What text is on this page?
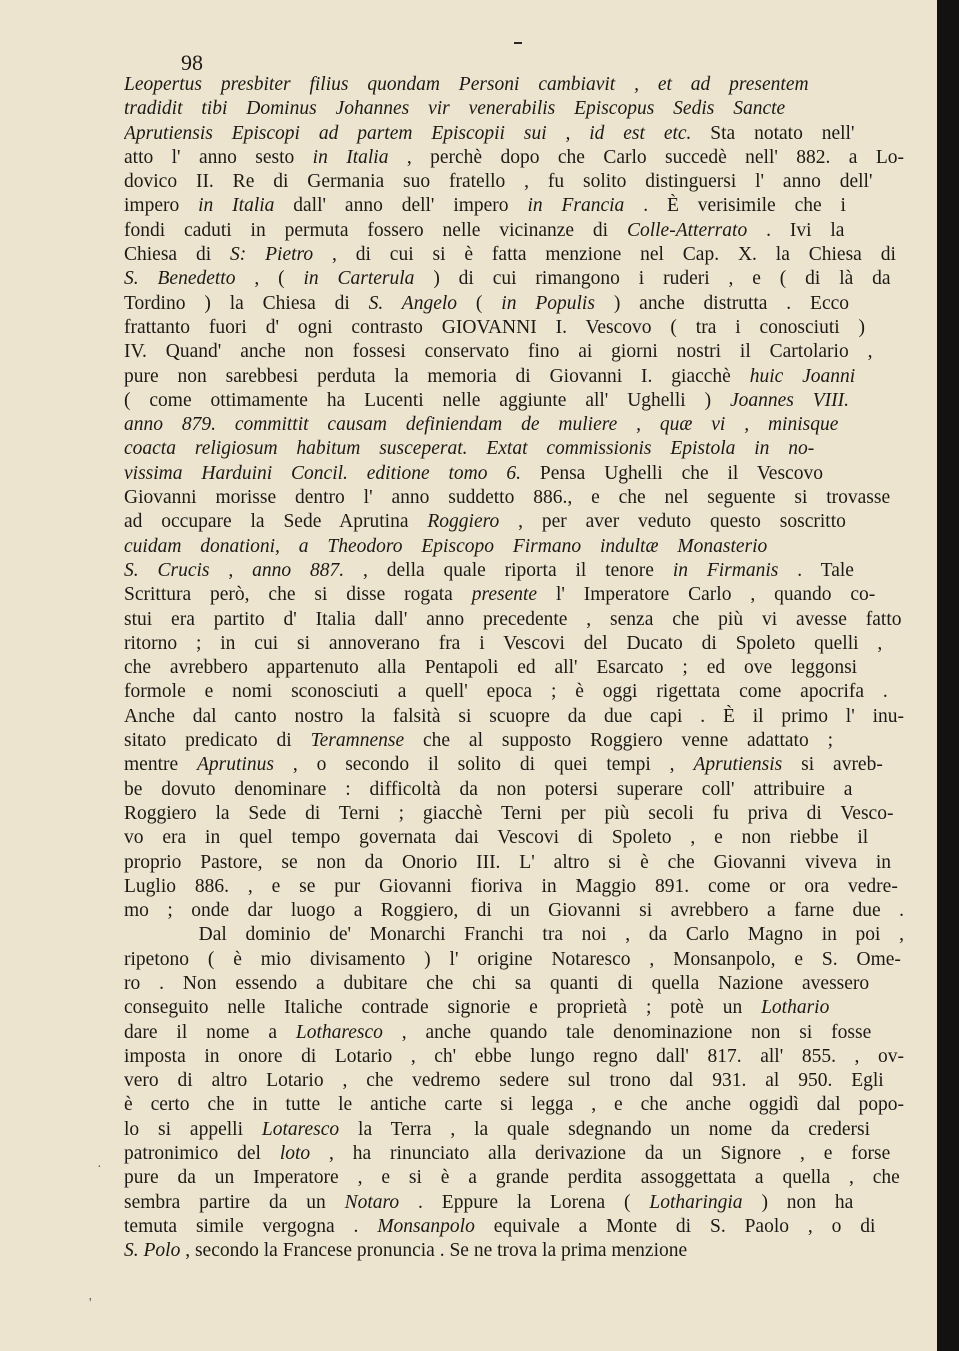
98
Leopertus presbiter filius quondam Personi cambiavit , et ad presentem
tradidit tibi Dominus Johannes vir venerabilis Episcopus Sedis Sancte
Aprutiensis Episcopi ad partem Episcopii sui , id est etc. Sta notato nell'
atto l' anno sesto in Italia , perchè dopo che Carlo succedè nell' 882. a Lo-
dovico II. Re di Germania suo fratello , fu solito distinguersi l' anno dell'
impero in Italia dall' anno dell' impero in Francia . È verisimile che i
fondi caduti in permuta fossero nelle vicinanze di Colle-Atterrato . Ivi la
Chiesa di S: Pietro , di cui si è fatta menzione nel Cap. X. la Chiesa di
S. Benedetto , ( in Carterula ) di cui rimangono i ruderi , e ( di là da
Tordino ) la Chiesa di S. Angelo ( in Populis ) anche distrutta . Ecco
frattanto fuori d' ogni contrasto GIOVANNI I. Vescovo ( tra i conosciuti )
IV. Quand' anche non fossesi conservato fino ai giorni nostri il Cartolario ,
pure non sarebbesi perduta la memoria di Giovanni I. giacchè huic Joanni
( come ottimamente ha Lucenti nelle aggiunte all' Ughelli ) Joannes VIII.
anno 879. committit causam definiendam de muliere , quæ vi , minisque
coacta religiosum habitum susceperat. Extat commissionis Epistola in no-
vissima Harduini Concil. editione tomo 6. Pensa Ughelli che il Vescovo
Giovanni morisse dentro l' anno suddetto 886., e che nel seguente si trovasse
ad occupare la Sede Aprutina Roggiero , per aver veduto questo soscritto
cuidam donationi, a Theodoro Episcopo Firmano indultæ Monasterio
S. Crucis , anno 887. , della quale riporta il tenore in Firmanis . Tale
Scrittura però, che si disse rogata presente l' Imperatore Carlo , quando co-
stui era partito d' Italia dall' anno precedente , senza che più vi avesse fatto
ritorno ; in cui si annoverano fra i Vescovi del Ducato di Spoleto quelli ,
che avrebbero appartenuto alla Pentapoli ed all' Esarcato ; ed ove leggonsi
formole e nomi sconosciuti a quell' epoca ; è oggi rigettata come apocrifa .
Anche dal canto nostro la falsità si scuopre da due capi . È il primo l' inu-
sitato predicato di Teramnense che al supposto Roggiero venne adattato ;
mentre Aprutinus , o secondo il solito di quei tempi , Aprutiensis si avreb-
be dovuto denominare : difficoltà da non potersi superare coll' attribuire a
Roggiero la Sede di Terni ; giacchè Terni per più secoli fu priva di Vesco-
vo era in quel tempo governata dai Vescovi di Spoleto , e non riebbe il
proprio Pastore, se non da Onorio III. L' altro si è che Giovanni viveva in
Luglio 886. , e se pur Giovanni fioriva in Maggio 891. come or ora vedre-
mo ; onde dar luogo a Roggiero, di un Giovanni si avrebbero a farne due .
Dal dominio de' Monarchi Franchi tra noi , da Carlo Magno in poi ,
ripetono ( è mio divisamento ) l' origine Notaresco , Monsanpolo, e S. Ome-
ro . Non essendo a dubitare che chi sa quanti di quella Nazione avessero
conseguito nelle Italiche contrade signorie e proprietà ; potè un Lothario
dare il nome a Lotharesco , anche quando tale denominazione non si fosse
imposta in onore di Lotario , ch' ebbe lungo regno dall' 817. all' 855. , ov-
vero di altro Lotario , che vedremo sedere sul trono dal 931. al 950. Egli
è certo che in tutte le antiche carte si legga , e che anche oggidì dal popo-
lo si appelli Lotaresco la Terra , la quale sdegnando un nome da credersi
patronimico del loto , ha rinunciato alla derivazione da un Signore , e forse
pure da un Imperatore , e si è a grande perdita assoggettata a quella , che
sembra partire da un Notaro . Eppure la Lorena ( Lotharingia ) non ha
temuta simile vergogna . Monsanpolo equivale a Monte di S. Paolo , o di
S. Polo , secondo la Francese pronuncia . Se ne trova la prima menzione
·
'
